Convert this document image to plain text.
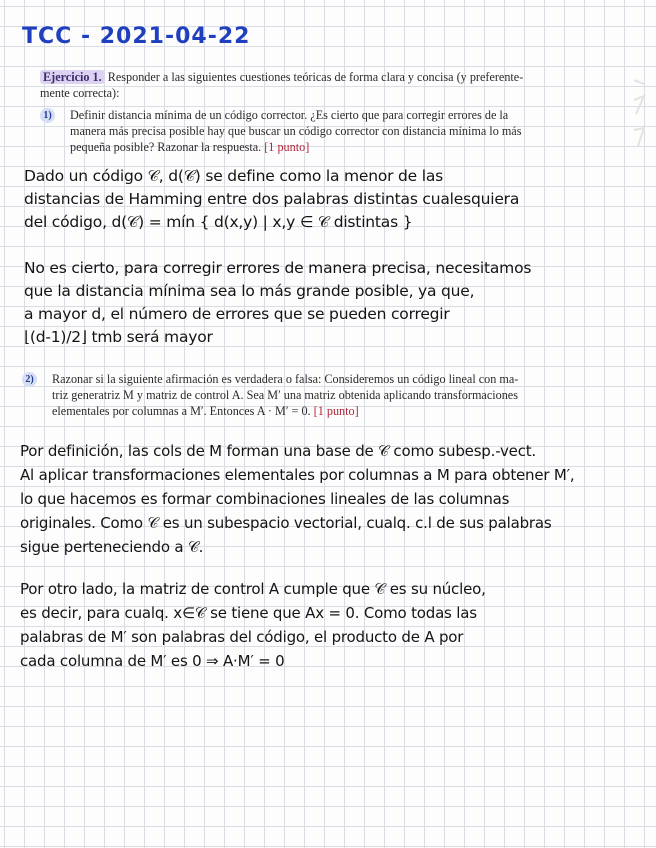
TCC - 2021-04-22
Ejercicio 1. Responder a las siguientes cuestiones teóricas de forma clara y concisa (y preferente-
mente correcta):
1) Definir distancia mínima de un código corrector. ¿Es cierto que para corregir errores de la
manera más precisa posible hay que buscar un código corrector con distancia mínima lo más
pequeña posible? Razonar la respuesta. [1 punto]
Dado un código 𝒞, d(𝒞) se define como la menor de las
distancias de Hamming entre dos palabras distintas cualesquiera
del código, d(𝒞) = mín { d(x,y) | x,y ∈ 𝒞 distintas }
No es cierto, para corregir errores de manera precisa, necesitamos
que la distancia mínima sea lo más grande posible, ya que,
a mayor d, el número de errores que se pueden corregir
⌊(d-1)/2⌋ tmb será mayor
2) Razonar si la siguiente afirmación es verdadera o falsa: Consideremos un código lineal con ma-
triz generatriz M y matriz de control A. Sea M′ una matriz obtenida aplicando transformaciones
elementales por columnas a M′. Entonces A · M′ = 0. [1 punto]
Por definición, las cols de M forman una base de 𝒞 como subesp.-vect.
Al aplicar transformaciones elementales por columnas a M para obtener M′,
lo que hacemos es formar combinaciones lineales de las columnas
originales. Como 𝒞 es un subespacio vectorial, cualq. c.l de sus palabras
sigue perteneciendo a 𝒞.
Por otro lado, la matriz de control A cumple que 𝒞 es su núcleo,
es decir, para cualq. x∈𝒞 se tiene que Ax = 0. Como todas las
palabras de M′ son palabras del código, el producto de A por
cada columna de M′ es 0 ⇒ A·M′ = 0
